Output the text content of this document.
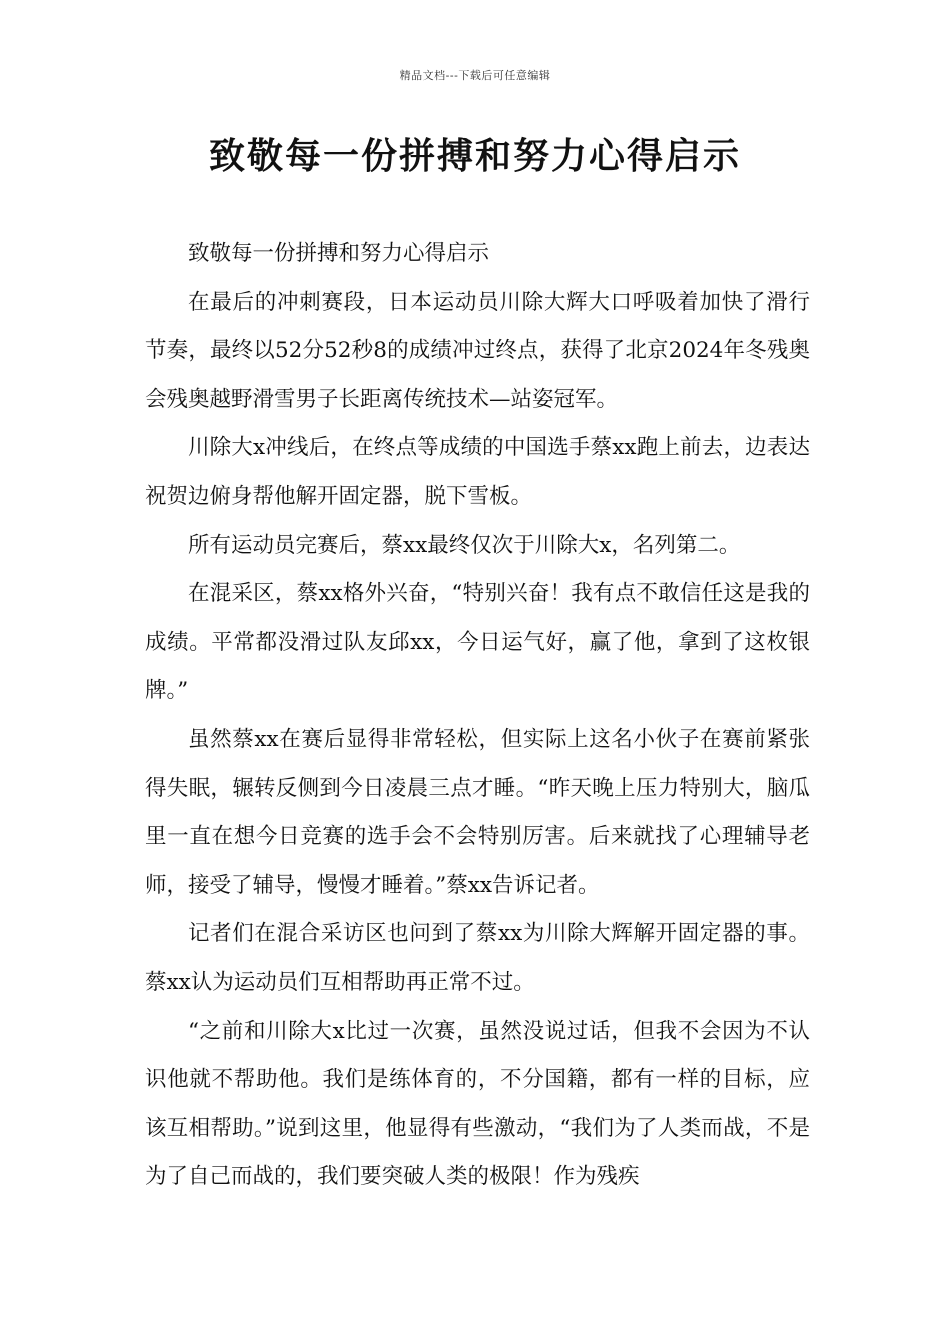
精品文档---下载后可任意编辑
致敬每一份拼搏和努力心得启示

致敬每一份拼搏和努力心得启示

在最后的冲刺赛段，日本运动员川除大辉大口呼吸着加快了滑行节奏，最终以52分52秒8的成绩冲过终点，获得了北京2024年冬残奥会残奥越野滑雪男子长距离传统技术—站姿冠军。

川除大x冲线后，在终点等成绩的中国选手蔡xx跑上前去，边表达祝贺边俯身帮他解开固定器，脱下雪板。

所有运动员完赛后，蔡xx最终仅次于川除大x，名列第二。

在混采区，蔡xx格外兴奋，“特别兴奋！我有点不敢信任这是我的成绩。平常都没滑过队友邱xx，今日运气好，赢了他，拿到了这枚银牌。”

虽然蔡xx在赛后显得非常轻松，但实际上这名小伙子在赛前紧张得失眠，辗转反侧到今日凌晨三点才睡。“昨天晚上压力特别大，脑瓜里一直在想今日竞赛的选手会不会特别厉害。后来就找了心理辅导老师，接受了辅导，慢慢才睡着。”蔡xx告诉记者。

记者们在混合采访区也问到了蔡xx为川除大辉解开固定器的事。蔡xx认为运动员们互相帮助再正常不过。

“之前和川除大x比过一次赛，虽然没说过话，但我不会因为不认识他就不帮助他。我们是练体育的，不分国籍，都有一样的目标，应该互相帮助。”说到这里，他显得有些激动，“我们为了人类而战，不是为了自己而战的，我们要突破人类的极限！作为残疾
